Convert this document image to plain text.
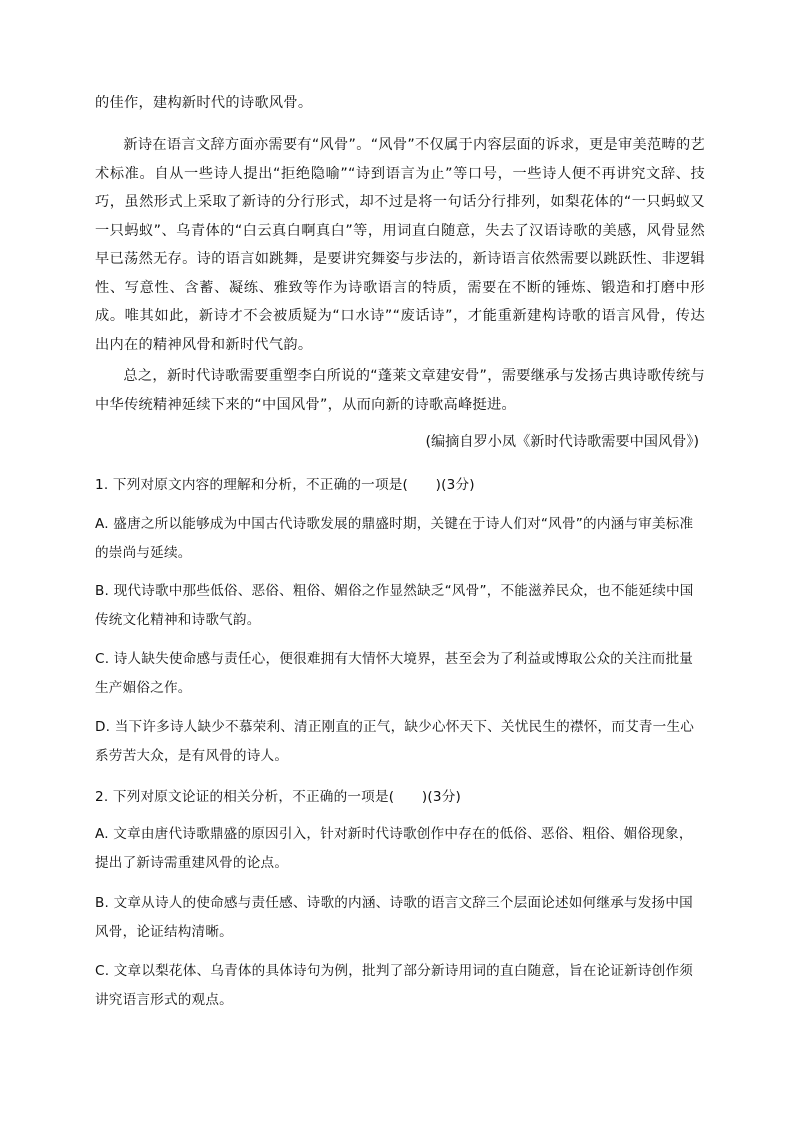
的佳作，建构新时代的诗歌风骨。

新诗在语言文辞方面亦需要有“风骨”。“风骨”不仅属于内容层面的诉求，更是审美范畴的艺术标准。自从一些诗人提出“拒绝隐喻”“诗到语言为止”等口号，一些诗人便不再讲究文辞、技巧，虽然形式上采取了新诗的分行形式，却不过是将一句话分行排列，如梨花体的“一只蚂蚁又一只蚂蚁”、乌青体的“白云真白啊真白”等，用词直白随意，失去了汉语诗歌的美感，风骨显然早已荡然无存。诗的语言如跳舞，是要讲究舞姿与步法的，新诗语言依然需要以跳跃性、非逻辑性、写意性、含蓄、凝练、雅致等作为诗歌语言的特质，需要在不断的锤炼、锻造和打磨中形成。唯其如此，新诗才不会被质疑为“口水诗”“废话诗”，才能重新建构诗歌的语言风骨，传达出内在的精神风骨和新时代气韵。

总之，新时代诗歌需要重塑李白所说的“蓬莱文章建安骨”，需要继承与发扬古典诗歌传统与中华传统精神延续下来的“中国风骨”，从而向新的诗歌高峰挺进。

(编摘自罗小凤《新时代诗歌需要中国风骨》)

1. 下列对原文内容的理解和分析，不正确的一项是(　　)(3分)

A. 盛唐之所以能够成为中国古代诗歌发展的鼎盛时期，关键在于诗人们对“风骨”的内涵与审美标准的崇尚与延续。

B. 现代诗歌中那些低俗、恶俗、粗俗、媚俗之作显然缺乏“风骨”，不能滋养民众，也不能延续中国传统文化精神和诗歌气韵。

C. 诗人缺失使命感与责任心，便很难拥有大情怀大境界，甚至会为了利益或博取公众的关注而批量生产媚俗之作。

D. 当下许多诗人缺少不慕荣利、清正刚直的正气，缺少心怀天下、关忧民生的襟怀，而艾青一生心系劳苦大众，是有风骨的诗人。

2. 下列对原文论证的相关分析，不正确的一项是(　　)(3分)

A. 文章由唐代诗歌鼎盛的原因引入，针对新时代诗歌创作中存在的低俗、恶俗、粗俗、媚俗现象，提出了新诗需重建风骨的论点。

B. 文章从诗人的使命感与责任感、诗歌的内涵、诗歌的语言文辞三个层面论述如何继承与发扬中国风骨，论证结构清晰。

C. 文章以梨花体、乌青体的具体诗句为例，批判了部分新诗用词的直白随意，旨在论证新诗创作须讲究语言形式的观点。
